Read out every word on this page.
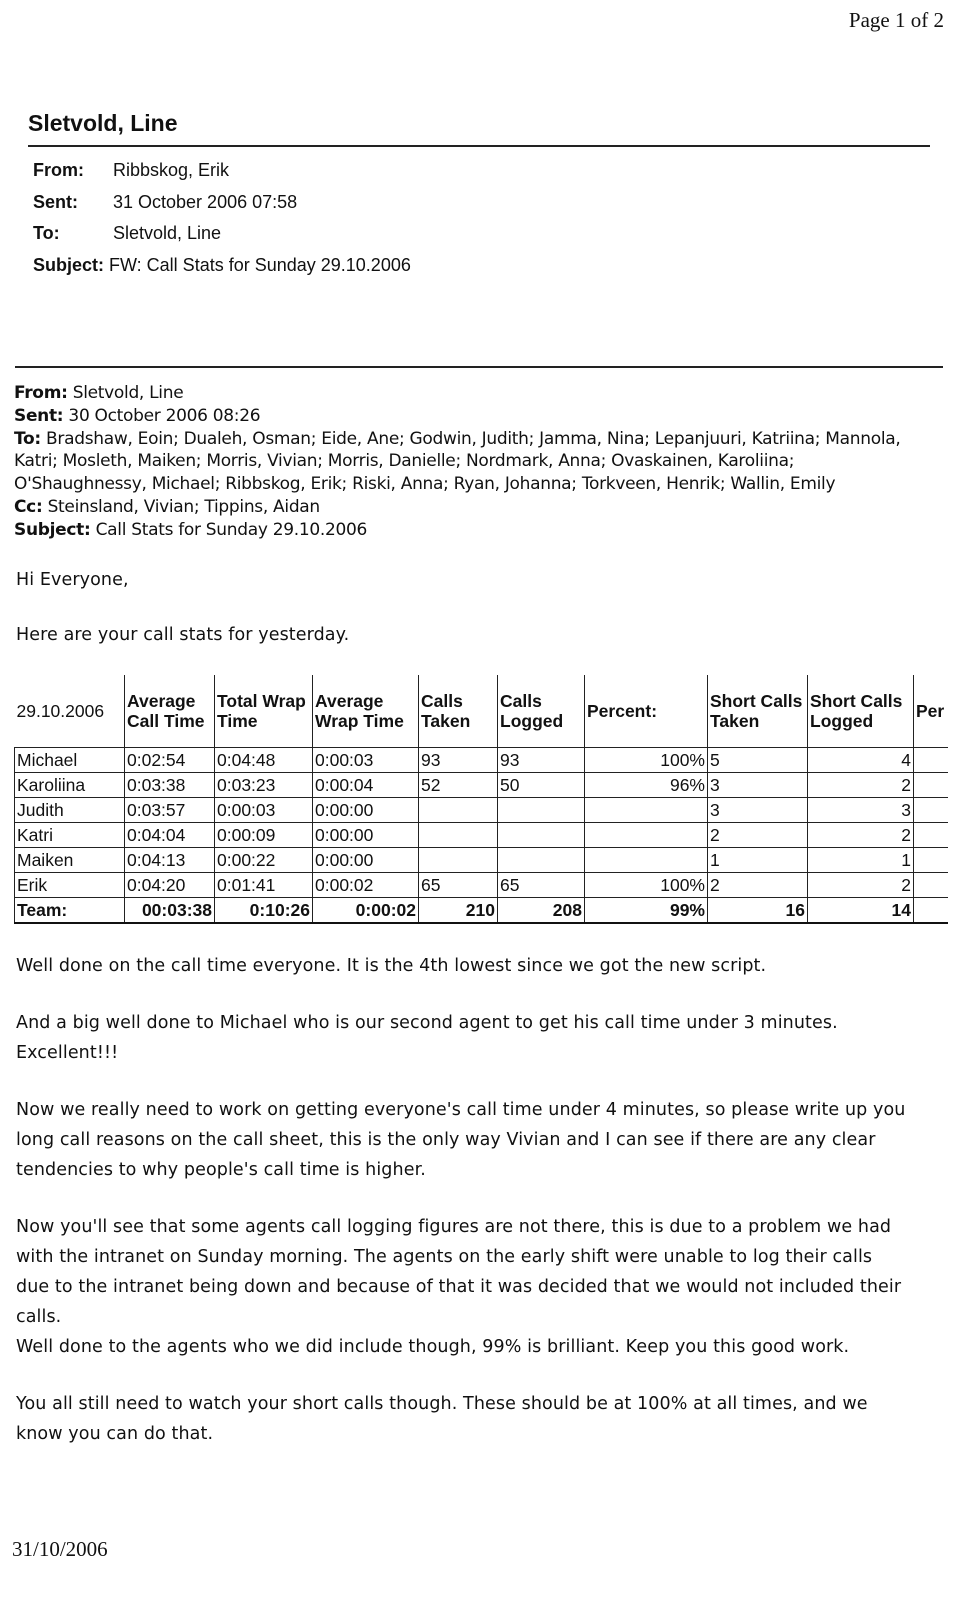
Page 1 of 2
Sletvold, Line
From: Ribbskog, Erik
Sent: 31 October 2006 07:58
To:	Sletvold, Line
Subject: FW: Call Stats for Sunday 29.10.2006
From: Sletvold, Line
Sent: 30 October 2006 08:26
To: Bradshaw, Eoin; Dualeh, Osman; Eide, Ane; Godwin, Judith; Jamma, Nina; Lepanjuuri, Katriina; Mannola,
Katri; Mosleth, Maiken; Morris, Vivian; Morris, Danielle; Nordmark, Anna; Ovaskainen, Karoliina;
O'Shaughnessy, Michael; Ribbskog, Erik; Riski, Anna; Ryan, Johanna; Torkveen, Henrik; Wallin, Emily
Cc: Steinsland, Vivian; Tippins, Aidan
Subject: Call Stats for Sunday 29.10.2006
Hi Everyone,
Here are your call stats for yesterday.
29.10.2006	Average Call Time	Total Wrap Time	Average Wrap Time	Calls Taken	Calls Logged	Percent:	Short Calls Taken	Short Calls Logged	Per
Michael	0:02:54	0:04:48	0:00:03	93	93	100%	5	4	
Karoliina	0:03:38	0:03:23	0:00:04	52	50	96%	3	2	
Judith	0:03:57	0:00:03	0:00:00				3	3	
Katri	0:04:04	0:00:09	0:00:00				2	2	
Maiken	0:04:13	0:00:22	0:00:00				1	1	
Erik	0:04:20	0:01:41	0:00:02	65	65	100%	2	2	
Team:	00:03:38	0:10:26	0:00:02	210	208	99%	16	14	
Well done on the call time everyone. It is the 4th lowest since we got the new script.
And a big well done to Michael who is our second agent to get his call time under 3 minutes.
Excellent!!!
Now we really need to work on getting everyone's call time under 4 minutes, so please write up you
long call reasons on the call sheet, this is the only way Vivian and I can see if there are any clear
tendencies to why people's call time is higher.
Now you'll see that some agents call logging figures are not there, this is due to a problem we had
with the intranet on Sunday morning. The agents on the early shift were unable to log their calls
due to the intranet being down and because of that it was decided that we would not included their
calls.
Well done to the agents who we did include though, 99% is brilliant. Keep you this good work.
You all still need to watch your short calls though. These should be at 100% at all times, and we
know you can do that.
31/10/2006
